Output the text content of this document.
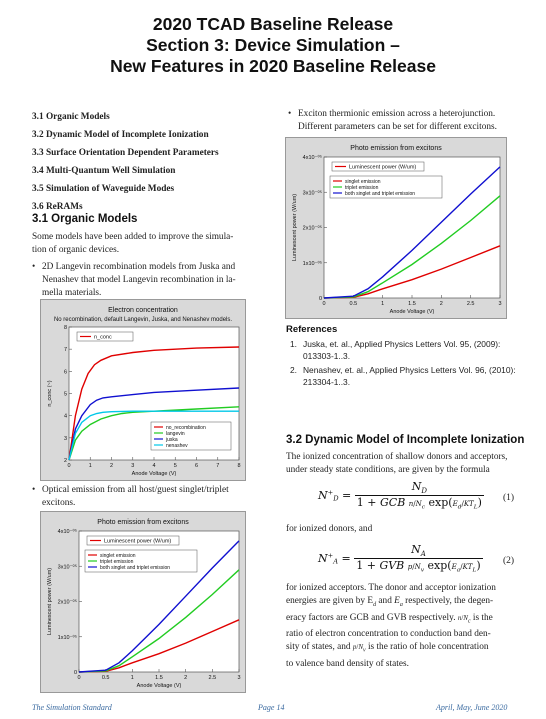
2020 TCAD Baseline Release
Section 3: Device Simulation –
New Features in 2020 Baseline Release
3.1 Organic Models
3.2 Dynamic Model of Incomplete Ionization
3.3 Surface Orientation Dependent Parameters
3.4 Multi-Quantum Well Simulation
3.5 Simulation of Waveguide Modes
3.6 ReRAMs
3.1 Organic Models
Some models have been added to improve the simula-
tion of organic devices.
• 2D Langevin recombination models from Juska and
Nenashev that model Langevin recombination in la-
mella materials.
Electron concentration
No recombination, default Langevin, Juska, and Nenashev models.
0	1	2	3	4	5	6	7	8
2
3
4
5
6
7
8
Anode Voltage (V)
n_conc (~)
n_conc
no_recombination
langevin
juska
nenashev
• Optical emission from all host/guest singlet/triplet
excitons.
Photo emission from excitons
0	0.5	1	1.5	2	2.5	3
0
1x10⁻⁰⁵
2x10⁻⁰⁵
3x10⁻⁰⁵
4x10⁻⁰⁵
Anode Voltage (V)
Luminescent power (W/um)
Luminescent power (W/um)
singlet emission
triplet emission
both singlet and triplet emission
• Exciton thermionic emission across a heterojunction.
Different parameters can be set for different excitons.
Photo emission from excitons
0	0.5	1	1.5	2	2.5	3
0
1x10⁻⁰⁵
2x10⁻⁰⁵
3x10⁻⁰⁵
4x10⁻⁰⁵
Anode Voltage (V)
Luminescent power (W/um)
Luminescent power (W/um)
singlet emission
triplet emission
both singlet and triplet emission
References
1. Juska, et. al., Applied Physics Letters Vol. 95, (2009):
013303-1..3.
2. Nenashev, et. al., Applied Physics Letters Vol. 96, (2010):
213304-1..3.
3.2 Dynamic Model of Incomplete Ionization
The ionized concentration of shallow donors and acceptors,
under steady state conditions, are given by the formula
$N^+_D = \frac{N_D}{1 + GCB n/N_c \exp(E_d/KT_L)} (1)$
for ionized donors, and
$N^+_A = \frac{N_A}{1 + GVB p/N_v \exp(E_a/KT_L)} (2)$
for ionized acceptors. The donor and acceptor ionization
energies are given by $E_d$ and $E_a$ respectively, the degen-
eracy factors are GCB and GVB respectively. $n/N_c$ is the
ratio of electron concentration to conduction band den-
sity of states, and $p/N_v$ is the ratio of hole concentration
to valence band density of states.
The Simulation Standard	Page 14	April, May, June 2020
